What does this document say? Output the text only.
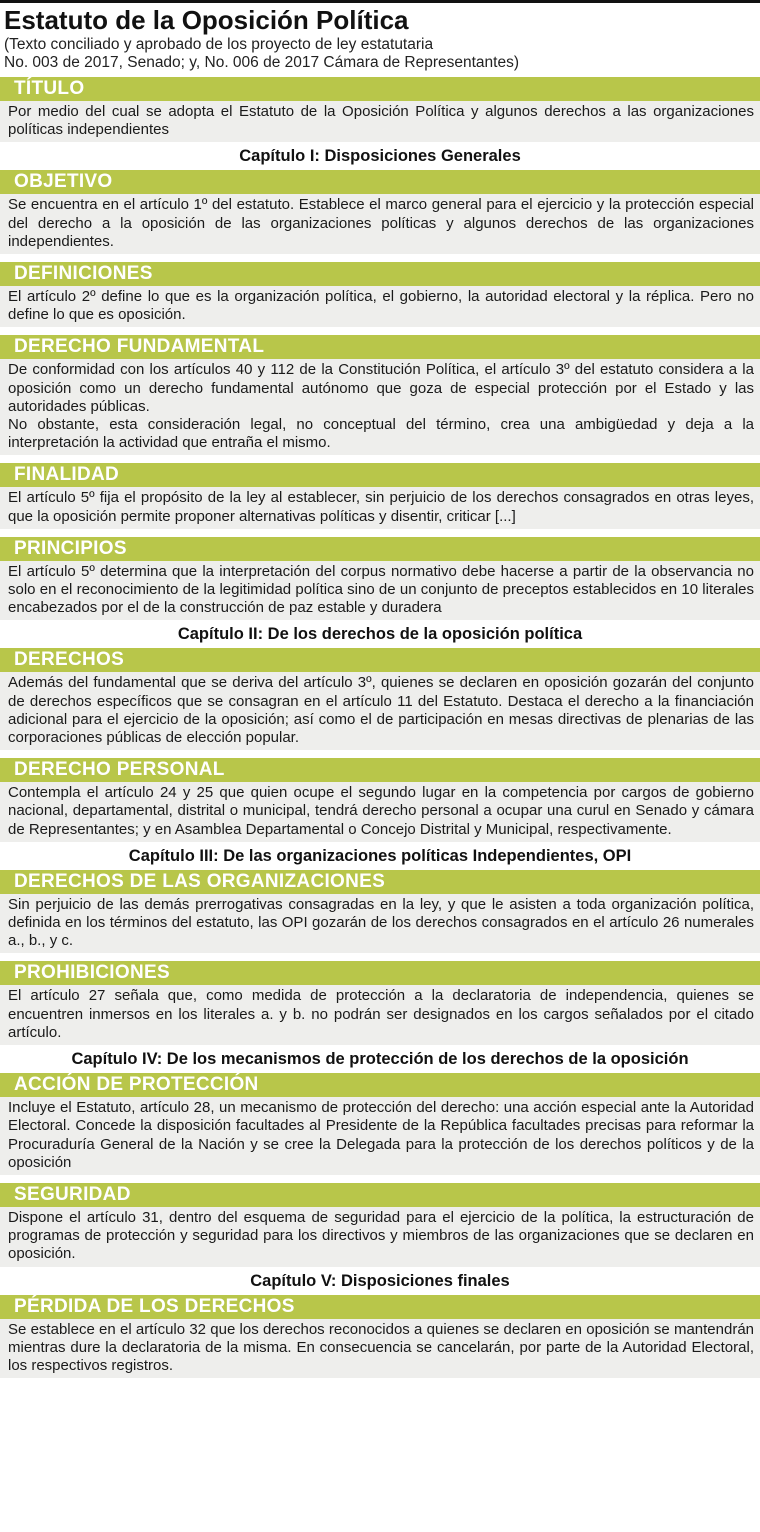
Estatuto de la Oposición Política
(Texto conciliado y aprobado de los proyecto de ley estatutaria
No. 003 de 2017, Senado; y, No. 006 de 2017 Cámara de Representantes)
TÍTULO

Por medio del cual se adopta el Estatuto de la Oposición Política y algunos derechos a las organizaciones políticas independientes

Capítulo I: Disposiciones Generales
OBJETIVO

Se encuentra en el artículo 1º del estatuto. Establece el marco general para el ejercicio y la protección especial del derecho a la oposición de las organizaciones políticas y algunos derechos de las organizaciones independientes.

DEFINICIONES

El artículo 2º define lo que es la organización política, el gobierno, la autoridad electoral y la réplica. Pero no define lo que es oposición.

DERECHO FUNDAMENTAL

De conformidad con los artículos 40 y 112 de la Constitución Política, el artículo 3º del estatuto considera a la oposición como un derecho fundamental autónomo que goza de especial protección por el Estado y las autoridades públicas.

No obstante, esta consideración legal, no conceptual del término, crea una ambigüedad y deja a la interpretación la actividad que entraña el mismo.

FINALIDAD

El artículo 5º fija el propósito de la ley al establecer, sin perjuicio de los derechos consagrados en otras leyes, que la oposición permite proponer alternativas políticas y disentir, criticar [...]

PRINCIPIOS

El artículo 5º determina que la interpretación del corpus normativo debe hacerse a partir de la observancia no solo en el reconocimiento de la legitimidad política sino de un conjunto de preceptos establecidos en 10 literales encabezados por el de la construcción de paz estable y duradera

Capítulo II: De los derechos de la oposición política
DERECHOS

Además del fundamental que se deriva del artículo 3º, quienes se declaren en oposición gozarán del conjunto de derechos específicos que se consagran en el artículo 11 del Estatuto. Destaca el derecho a la financiación adicional para el ejercicio de la oposición; así como el de participación en mesas directivas de plenarias de las corporaciones públicas de elección popular.

DERECHO PERSONAL

Contempla el artículo 24 y 25 que quien ocupe el segundo lugar en la competencia por cargos de gobierno nacional, departamental, distrital o municipal, tendrá derecho personal a ocupar una curul en Senado y cámara de Representantes; y en Asamblea Departamental o Concejo Distrital y Municipal, respectivamente.

Capítulo III: De las organizaciones políticas Independientes, OPI
DERECHOS DE LAS ORGANIZACIONES

Sin perjuicio de las demás prerrogativas consagradas en la ley, y que le asisten a toda organización política, definida en los términos del estatuto, las OPI gozarán de los derechos consagrados en el artículo 26 numerales a., b., y c.

PROHIBICIONES

El artículo 27 señala que, como medida de protección a la declaratoria de independencia, quienes se encuentren inmersos en los literales a. y b. no podrán ser designados en los cargos señalados por el citado artículo.

Capítulo IV: De los mecanismos de protección de los derechos de la oposición
ACCIÓN DE PROTECCIÓN

Incluye el Estatuto, artículo 28, un mecanismo de protección del derecho: una acción especial ante la Autoridad Electoral. Concede la disposición facultades al Presidente de la República facultades precisas para reformar la Procuraduría General de la Nación y se cree la Delegada para la protección de los derechos políticos y de la oposición

SEGURIDAD

Dispone el artículo 31, dentro del esquema de seguridad para el ejercicio de la política, la estructuración de programas de protección y seguridad para los directivos y miembros de las organizaciones que se declaren en oposición.

Capítulo V: Disposiciones finales
PÉRDIDA DE LOS DERECHOS

Se establece en el artículo 32 que los derechos reconocidos a quienes se declaren en oposición se mantendrán mientras dure la declaratoria de la misma. En consecuencia se cancelarán, por parte de la Autoridad Electoral, los respectivos registros.
